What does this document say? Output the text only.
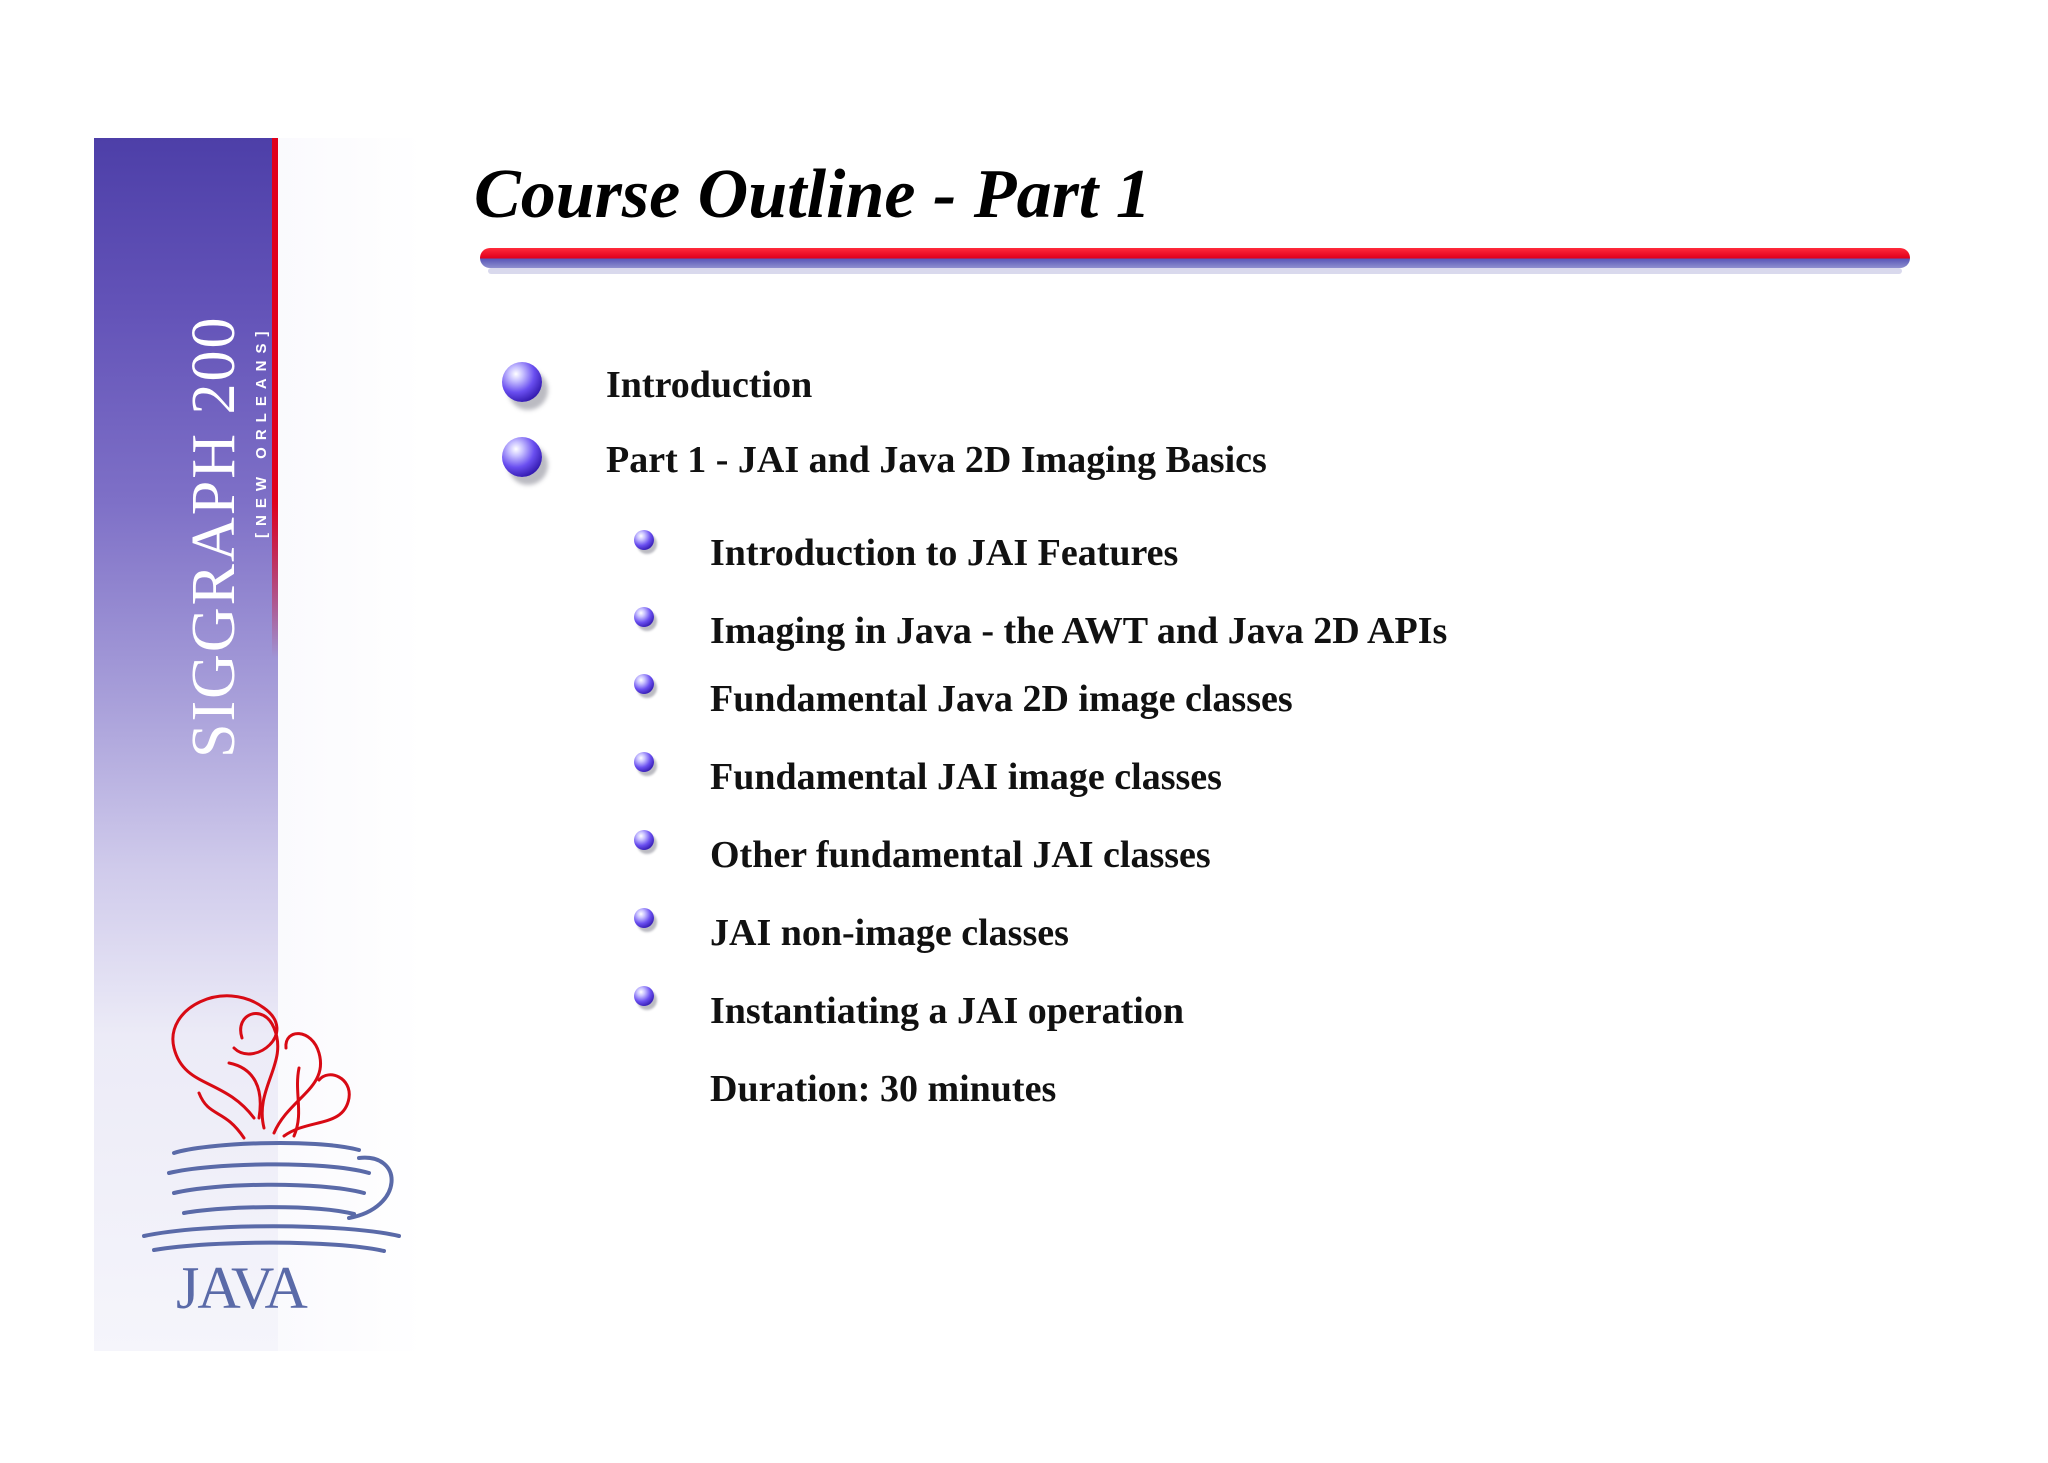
SIGGRAPH 200 [NEW ORLEANS]
JAVA
Course Outline - Part 1
Introduction
Part 1 - JAI and Java 2D Imaging Basics
Introduction to JAI Features
Imaging in Java - the AWT and Java 2D APIs
Fundamental Java 2D image classes
Fundamental JAI image classes
Other fundamental JAI classes
JAI non-image classes
Instantiating a JAI operation
Duration: 30 minutes
